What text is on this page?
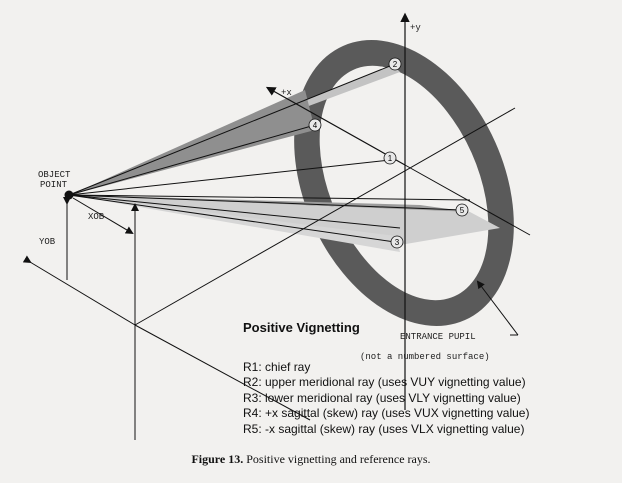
1
2
3
4
5
OBJECT
POINT
XOB
YOB
+y
+x
ENTRANCE PUPIL
(not a numbered surface)
Positive Vignetting
R1: chief ray
R2: upper meridional ray (uses VUY vignetting value)
R3: lower meridional ray (uses VLY vignetting value)
R4: +x sagittal (skew) ray (uses VUX vignetting value)
R5: -x sagittal (skew) ray (uses VLX vignetting value)
Figure 13. Positive vignetting and reference rays.
